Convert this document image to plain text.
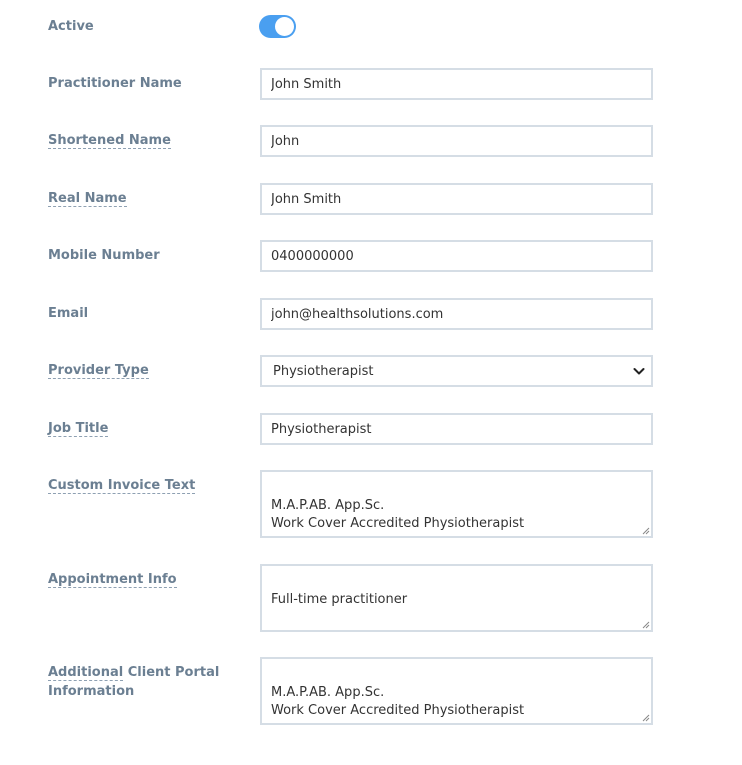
Active
Practitioner Name
John Smith
Shortened Name
John
Real Name
John Smith
Mobile Number
0400000000
Email
john@healthsolutions.com
Provider Type	Physiotherapist
Job Title
Physiotherapist
Custom Invoice Text

M.A.P.AB. App.Sc.
Work Cover Accredited Physiotherapist

Appointment Info

Full-time practitioner

Additional Client Portal
Information	M.A.P.AB. App.Sc.
Work Cover Accredited Physiotherapist
